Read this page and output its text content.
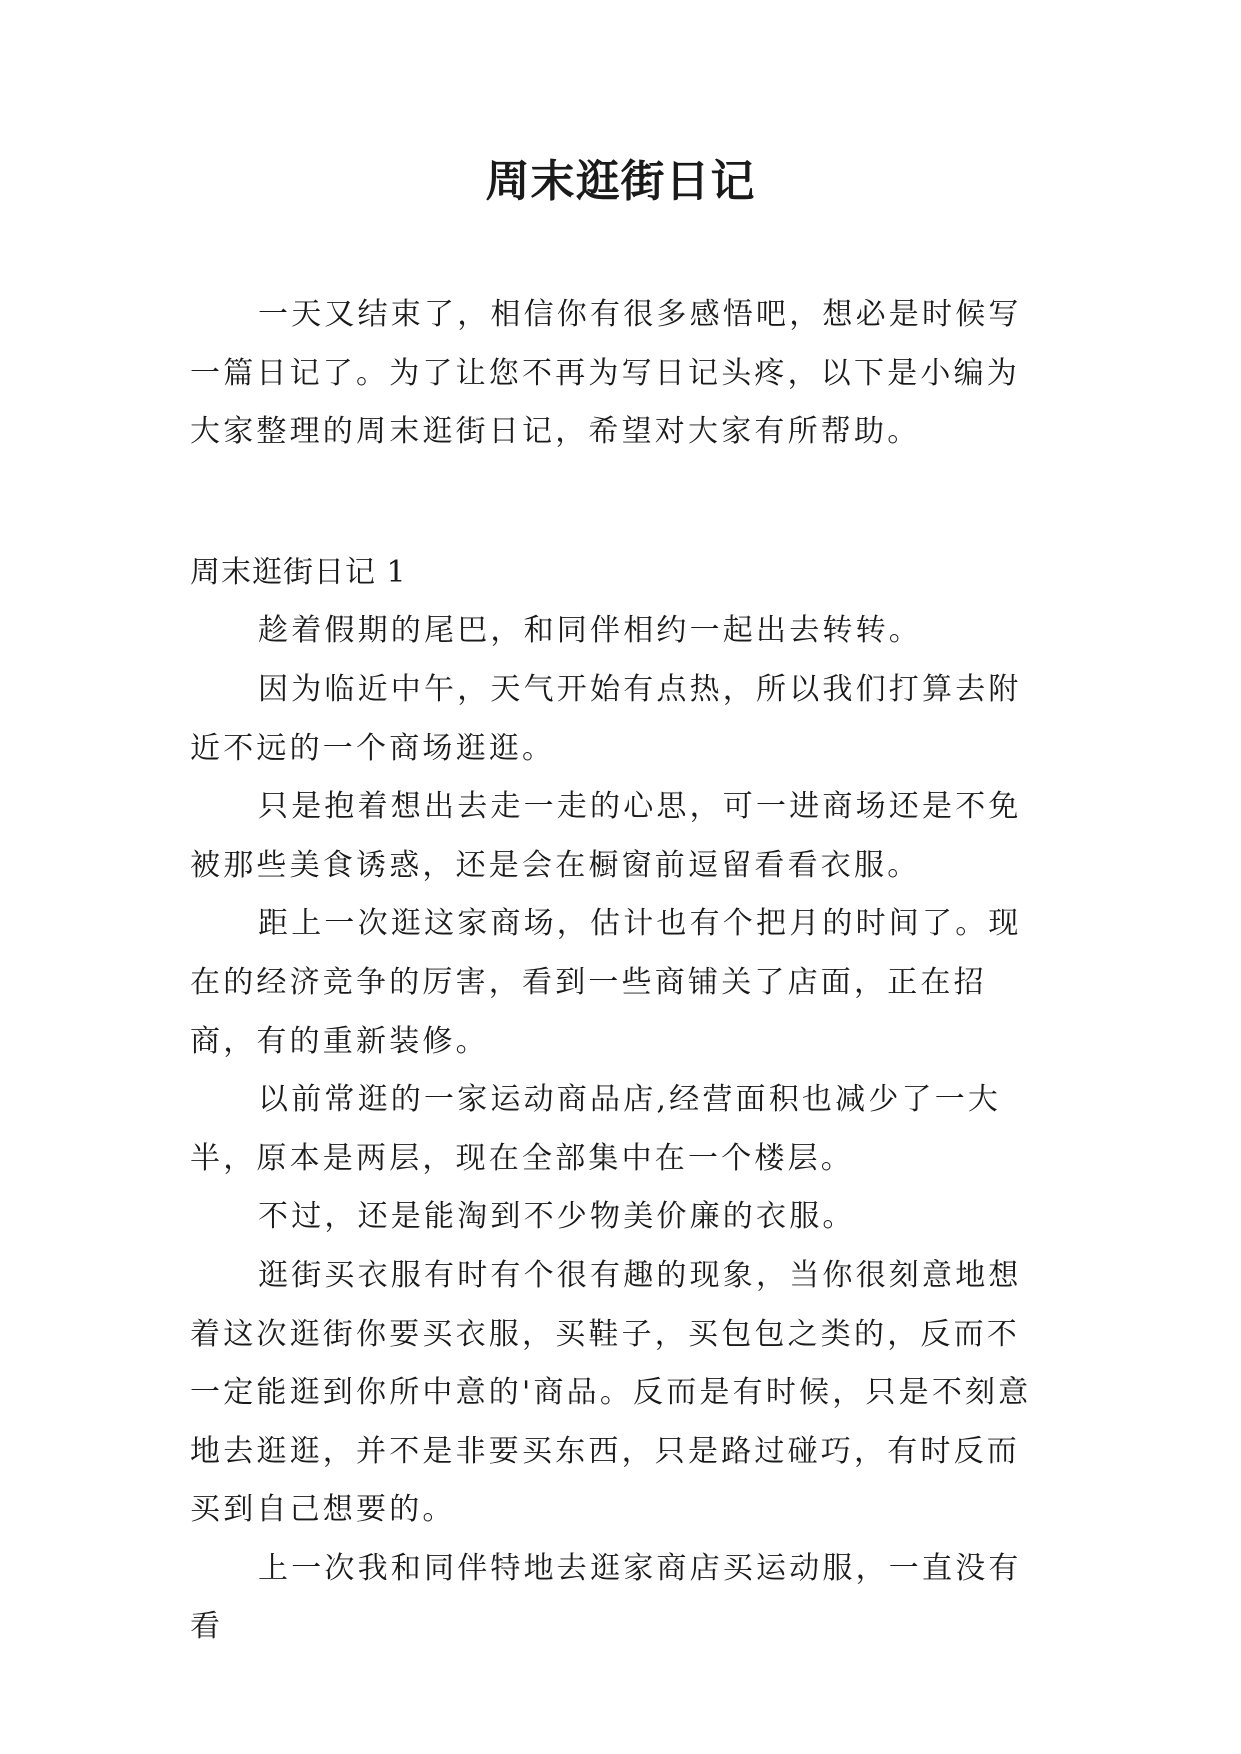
周末逛街日记

一天又结束了，相信你有很多感悟吧，想必是时候写一篇日记了。为了让您不再为写日记头疼，以下是小编为大家整理的周末逛街日记，希望对大家有所帮助。

周末逛街日记 1

趁着假期的尾巴，和同伴相约一起出去转转。

因为临近中午，天气开始有点热，所以我们打算去附近不远的一个商场逛逛。

只是抱着想出去走一走的心思，可一进商场还是不免被那些美食诱惑，还是会在橱窗前逗留看看衣服。

距上一次逛这家商场，估计也有个把月的时间了。现在的经济竞争的厉害，看到一些商铺关了店面，正在招商，有的重新装修。

以前常逛的一家运动商品店,经营面积也减少了一大半，原本是两层，现在全部集中在一个楼层。

不过，还是能淘到不少物美价廉的衣服。

逛街买衣服有时有个很有趣的现象，当你很刻意地想着这次逛街你要买衣服，买鞋子，买包包之类的，反而不一定能逛到你所中意的'商品。反而是有时候，只是不刻意地去逛逛，并不是非要买东西，只是路过碰巧，有时反而买到自己想要的。

上一次我和同伴特地去逛家商店买运动服，一直没有看
